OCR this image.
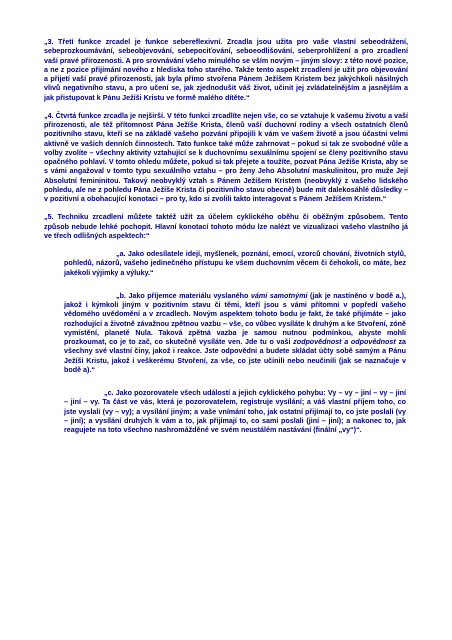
„3. Třetí funkce zrcadel je funkce sebereflexivní. Zrcadla jsou užita pro vaše vlastní sebeodrážení, sebeprozkoumávání, sebeobjevování, sebepociťování, seboeodlišování, seberprohlížení a pro zrcadlení vaší pravé přirozenosti. A pro srovnávání všeho minulého se vším novým – jiným slovy: z této nové pozice, a ne z pozice přijímání nového z hlediska toho starého. Takže tento aspekt zrcadlení je užit pro objevování a přijetí vaší pravé přirozenosti, jak byla přímo stvořena Pánem Ježíšem Kristem bez jakýchkoli násilných vlivů negativního stavu, a pro učení se, jak zjednodušit váš život, učinit jej zvládatelnějším a jasnějším a jak přistupovat k Pánu Ježíši Kristu ve formě malého dítěte.“

„4. Čtvrtá funkce zrcadla je nejširší. V této funkci zrcadlíte nejen vše, co se vztahuje k vašemu životu a vaší přirozenosti, ale též přítomnost Pána Ježíše Krista, členů vaší duchovní rodiny a všech ostatních členů pozitivního stavu, kteří se na základě vašeho pozvání připojili k vám ve vašem životě a jsou účastni velmi aktivně ve vašich denních činnostech. Tato funkce také může zahrnovat – pokud si tak ze svobodné vůle a volby zvolíte – všechny aktivity vztahující se k duchovnímu sexuálnímu spojení se členy pozitivního stavu opačného pohlaví. V tomto ohledu můžete, pokud si tak přejete a toužíte, pozvat Pána Ježíše Krista, aby se s vámi angažoval v tomto typu sexuálního vztahu – pro ženy Jeho Absolutní maskulinitou, pro muže Její Absolutní femininitou. Takový neobvyklý vztah s Pánem Ježíšem Kristem (neobvyklý z vašeho lidského pohledu, ale ne z pohledu Pána Ježíše Krista či pozitivního stavu obecně) bude mít dalekosáhlé důsledky – v pozitivní a obohacující konotaci – pro ty, kdo si zvolili takto interagovat s Pánem Ježíšem Kristem.“

„5. Techniku zrcadlení můžete taktéž užít za účelem cyklického oběhu či oběžným způsobem. Tento způsob nebude lehké pochopit. Hlavní konotací tohoto módu lze nalézt ve vizualizaci vašeho vlastního já ve třech odlišných aspektech:“

„a. Jako odesílatele idejí, myšlenek, poznání, emocí, vzorců chování, životních stylů, pohledů, názorů, vašeho jedinečného přístupu ke všem duchovním věcem či čehokoli, co máte, bez jakékoli výjimky a výluky.“

„b. Jako příjemce materiálu vyslaného vámi samotnými (jak je nastíněno v bodě a.), jakož i kýmkoli jiným v pozitivním stavu či těmi, kteří jsou s vámi přítomni v popředí vašeho vědomého uvědomění a v zrcadlech. Novým aspektem tohoto bodu je fakt, že také přijímáte – jako rozhodující a životně závažnou zpětnou vazbu – vše, co vůbec vysíláte k druhým a ke Stvoření, zóně vymístění, planetě Nula. Taková zpětná vazba je samou nutnou podmínkou, abyste mohli prozkoumat, co je to zač, co skutečně vysíláte ven. Jde tu o vaši zodpovědnost a odpovědnost za všechny své vlastní činy, jakož i reakce. Jste odpovědni a budete skládat účty sobě samým a Pánu Ježíši Kristu, jakož i veškerému Stvoření, za vše, co jste učinili nebo neučinili (jak se naznačuje v bodě a).“

„c. Jako pozorovatele všech událostí a jejich cyklického pohybu: Vy – vy – jiní – vy – jiní – jiní – vy. Ta část ve vás, která je pozorovatelem, registruje vysílání; a váš vlastní příjem toho, co jste vyslali (vy – vy); a vysílání jiným; a vaše vnímání toho, jak ostatní přijímají to, co jste poslali (vy – jiní); a vysílání druhých k vám a to, jak přijímají to, co sami poslali (jiní – jiní); a nakonec to, jak reagujete na toto všechno nashromážděné ve svém neustálém nastávání (finální „vy“)“.
